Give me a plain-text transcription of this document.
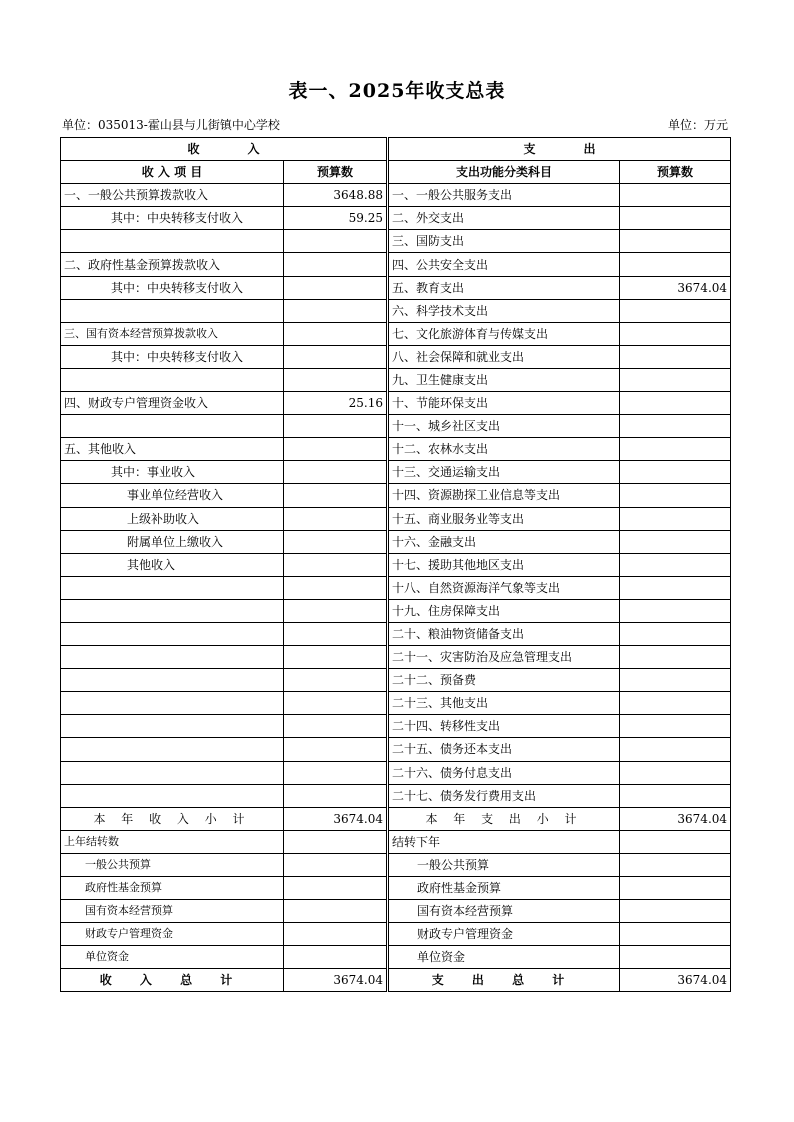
表一、2025年收支总表
单位：035013-霍山县与儿街镇中心学校	单位：万元
收　　　　入		支　　　　出	
收 入 项 目	预算数	支出功能分类科目	预算数
一、一般公共预算拨款收入	3648.88	一、一般公共服务支出	
其中：中央转移支付收入	59.25	二、外交支出	
		三、国防支出	
二、政府性基金预算拨款收入		四、公共安全支出	
其中：中央转移支付收入		五、教育支出	3674.04
		六、科学技术支出	
三、国有资本经营预算拨款收入		七、文化旅游体育与传媒支出	
其中：中央转移支付收入		八、社会保障和就业支出	
		九、卫生健康支出	
四、财政专户管理资金收入	25.16	十、节能环保支出	
		十一、城乡社区支出	
五、其他收入		十二、农林水支出	
其中：事业收入		十三、交通运输支出	
事业单位经营收入		十四、资源勘探工业信息等支出	
上级补助收入		十五、商业服务业等支出	
附属单位上缴收入		十六、金融支出	
其他收入		十七、援助其他地区支出	
		十八、自然资源海洋气象等支出	
		十九、住房保障支出	
		二十、粮油物资储备支出	
		二十一、灾害防治及应急管理支出	
		二十二、预备费	
		二十三、其他支出	
		二十四、转移性支出	
		二十五、债务还本支出	
		二十六、债务付息支出	
		二十七、债务发行费用支出	
本 年 收 入 小 计	3674.04	本 年 支 出 小 计	3674.04
上年结转数		结转下年	
一般公共预算		一般公共预算	
政府性基金预算		政府性基金预算	
国有资本经营预算		国有资本经营预算	
财政专户管理资金		财政专户管理资金	
单位资金		单位资金	
收 入 总 计	3674.04	支 出 总 计	3674.04
